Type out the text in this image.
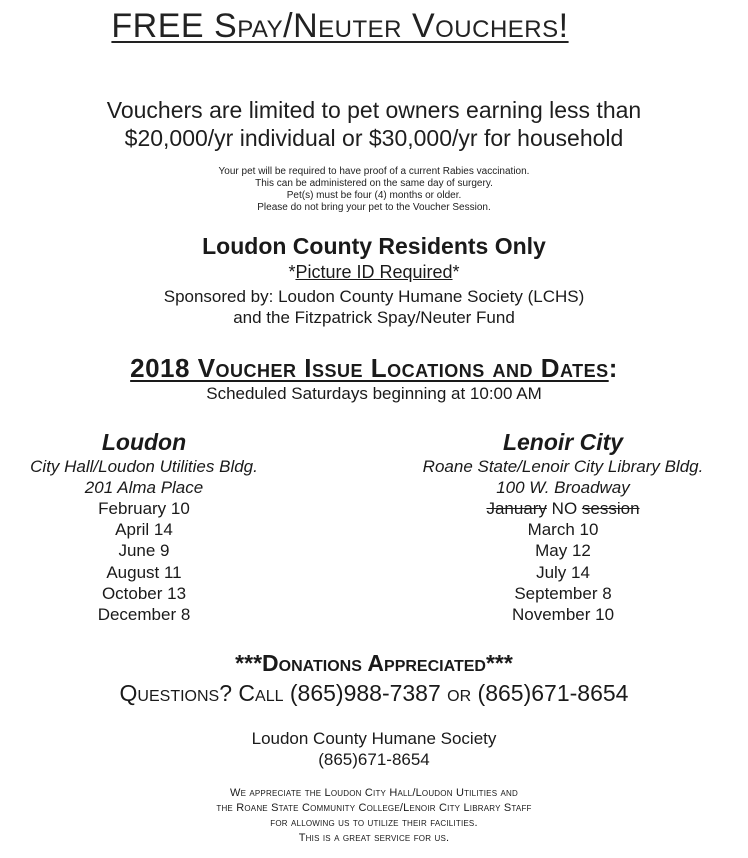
FREE Spay/Neuter Vouchers!
Vouchers are limited to pet owners earning less than
$20,000/yr individual or $30,000/yr for household
Your pet will be required to have proof of a current Rabies vaccination.
This can be administered on the same day of surgery.
Pet(s) must be four (4) months or older.
Please do not bring your pet to the Voucher Session.
Loudon County Residents Only
*Picture ID Required*
Sponsored by: Loudon County Humane Society (LCHS)
and the Fitzpatrick Spay/Neuter Fund
2018 Voucher Issue Locations and Dates:
Scheduled Saturdays beginning at 10:00 AM
Loudon
City Hall/Loudon Utilities Bldg.
201 Alma Place
February 10
April 14
June 9
August 11
October 13
December 8
Lenoir City
Roane State/Lenoir City Library Bldg.
100 W. Broadway
January NO session
March 10
May 12
July 14
September 8
November 10
***Donations Appreciated***
Questions? Call (865)988-7387 or (865)671-8654
Loudon County Humane Society
(865)671-8654
We appreciate the Loudon City Hall/Loudon Utilities and
the Roane State Community College/Lenoir City Library Staff
for allowing us to utilize their facilities.
This is a great service for us.
